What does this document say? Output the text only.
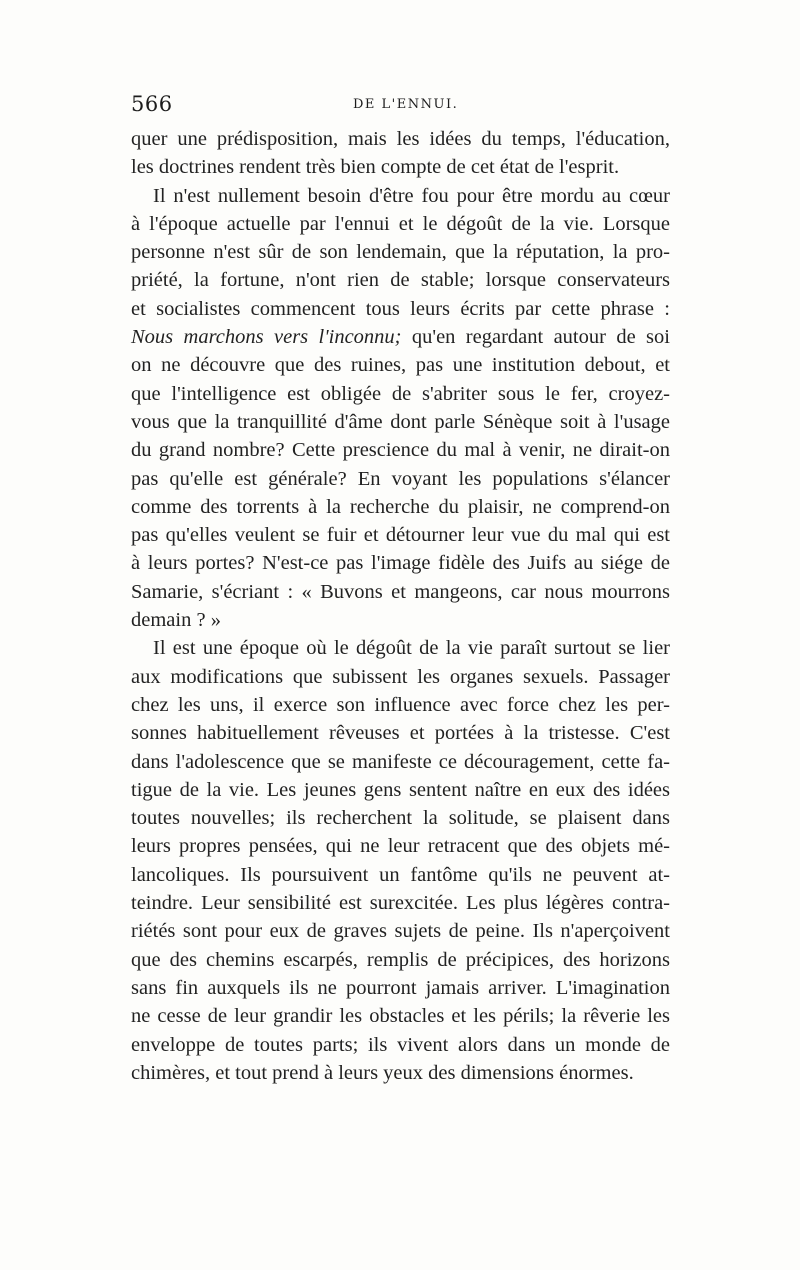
566	DE L'ENNUI.
quer une prédisposition, mais les idées du temps, l'éducation,
les doctrines rendent très bien compte de cet état de l'esprit.
Il n'est nullement besoin d'être fou pour être mordu au cœur
à l'époque actuelle par l'ennui et le dégoût de la vie. Lorsque
personne n'est sûr de son lendemain, que la réputation, la pro-
priété, la fortune, n'ont rien de stable; lorsque conservateurs
et socialistes commencent tous leurs écrits par cette phrase :
Nous marchons vers l'inconnu; qu'en regardant autour de soi
on ne découvre que des ruines, pas une institution debout, et
que l'intelligence est obligée de s'abriter sous le fer, croyez-
vous que la tranquillité d'âme dont parle Sénèque soit à l'usage
du grand nombre? Cette prescience du mal à venir, ne dirait-on
pas qu'elle est générale? En voyant les populations s'élancer
comme des torrents à la recherche du plaisir, ne comprend-on
pas qu'elles veulent se fuir et détourner leur vue du mal qui est
à leurs portes? N'est-ce pas l'image fidèle des Juifs au siége de
Samarie, s'écriant : « Buvons et mangeons, car nous mourrons
demain ? »
Il est une époque où le dégoût de la vie paraît surtout se lier
aux modifications que subissent les organes sexuels. Passager
chez les uns, il exerce son influence avec force chez les per-
sonnes habituellement rêveuses et portées à la tristesse. C'est
dans l'adolescence que se manifeste ce découragement, cette fa-
tigue de la vie. Les jeunes gens sentent naître en eux des idées
toutes nouvelles; ils recherchent la solitude, se plaisent dans
leurs propres pensées, qui ne leur retracent que des objets mé-
lancoliques. Ils poursuivent un fantôme qu'ils ne peuvent at-
teindre. Leur sensibilité est surexcitée. Les plus légères contra-
riétés sont pour eux de graves sujets de peine. Ils n'aperçoivent
que des chemins escarpés, remplis de précipices, des horizons
sans fin auxquels ils ne pourront jamais arriver. L'imagination
ne cesse de leur grandir les obstacles et les périls; la rêverie les
enveloppe de toutes parts; ils vivent alors dans un monde de
chimères, et tout prend à leurs yeux des dimensions énormes.
